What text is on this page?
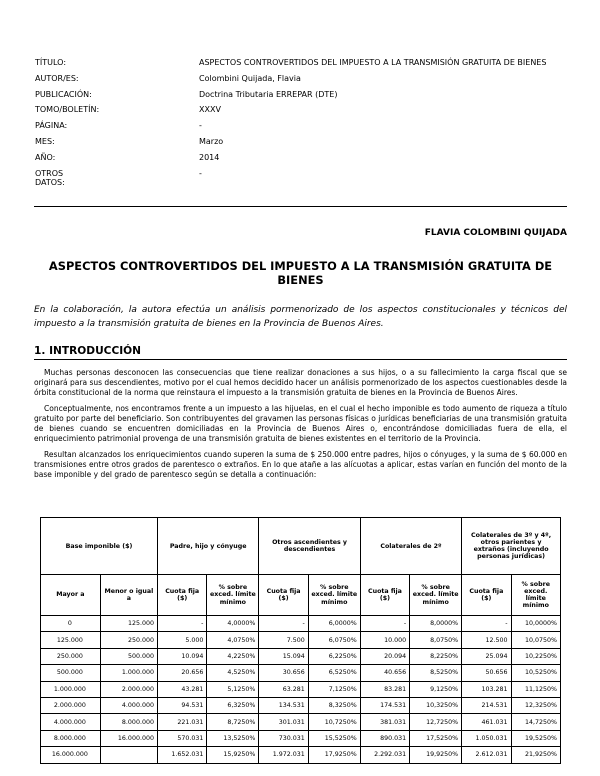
TÍTULO:	ASPECTOS CONTROVERTIDOS DEL IMPUESTO A LA TRANSMISIÓN GRATUITA DE BIENES
AUTOR/ES:	Colombini Quijada, Flavia
PUBLICACIÓN:	Doctrina Tributaria ERREPAR (DTE)
TOMO/BOLETÍN:	XXXV
PÁGINA:	-
MES:	Marzo
AÑO:	2014
OTROS DATOS:
-
FLAVIA COLOMBINI QUIJADA
ASPECTOS CONTROVERTIDOS DEL IMPUESTO A LA TRANSMISIÓN GRATUITA DE BIENES
En la colaboración, la autora efectúa un análisis pormenorizado de los aspectos constitucionales y técnicos del impuesto a la transmisión gratuita de bienes en la Provincia de Buenos Aires.
1. INTRODUCCIÓN

Muchas personas desconocen las consecuencias que tiene realizar donaciones a sus hijos, o a su fallecimiento la carga fiscal que se originará para sus descendientes, motivo por el cual hemos decidido hacer un análisis pormenorizado de los aspectos cuestionables desde la órbita constitucional de la norma que reinstaura el impuesto a la transmisión gratuita de bienes en la Provincia de Buenos Aires.

Conceptualmente, nos encontramos frente a un impuesto a las hijuelas, en el cual el hecho imponible es todo aumento de riqueza a título gratuito por parte del beneficiario. Son contribuyentes del gravamen las personas físicas o jurídicas beneficiarias de una transmisión gratuita de bienes cuando se encuentren domiciliadas en la Provincia de Buenos Aires o, encontrándose domiciliadas fuera de ella, el enriquecimiento patrimonial provenga de una transmisión gratuita de bienes existentes en el territorio de la Provincia.

Resultan alcanzados los enriquecimientos cuando superen la suma de $ 250.000 entre padres, hijos o cónyuges, y la suma de $ 60.000 en transmisiones entre otros grados de parentesco o extraños. En lo que atañe a las alícuotas a aplicar, estas varían en función del monto de la base imponible y del grado de parentesco según se detalla a continuación:

Base imponible ($)		Padre, hijo y cónyuge		Otros ascendientes y descendientes		Colaterales de 2º		Colaterales de 3º y 4º, otros parientes y extraños (incluyendo personas jurídicas)	
Mayor a	Menor o igual a	Cuota fija ($)	% sobre exced. límite mínimo	Cuota fija ($)	% sobre exced. límite mínimo	Cuota fija ($)	% sobre exced. límite mínimo	Cuota fija ($)	% sobre exced. límite mínimo
0	125.000	-	4,0000%	-	6,0000%	-	8,0000%	-	10,0000%
125.000	250.000	5.000	4,0750%	7.500	6,0750%	10.000	8,0750%	12.500	10,0750%
250.000	500.000	10.094	4,2250%	15.094	6,2250%	20.094	8,2250%	25.094	10,2250%
500.000	1.000.000	20.656	4,5250%	30.656	6,5250%	40.656	8,5250%	50.656	10,5250%
1.000.000	2.000.000	43.281	5,1250%	63.281	7,1250%	83.281	9,1250%	103.281	11,1250%
2.000.000	4.000.000	94.531	6,3250%	134.531	8,3250%	174.531	10,3250%	214.531	12,3250%
4.000.000	8.000.000	221.031	8,7250%	301.031	10,7250%	381.031	12,7250%	461.031	14,7250%
8.000.000	16.000.000	570.031	13,5250%	730.031	15,5250%	890.031	17,5250%	1.050.031	19,5250%
16.000.000		1.652.031	15,9250%	1.972.031	17,9250%	2.292.031	19,9250%	2.612.031	21,9250%
